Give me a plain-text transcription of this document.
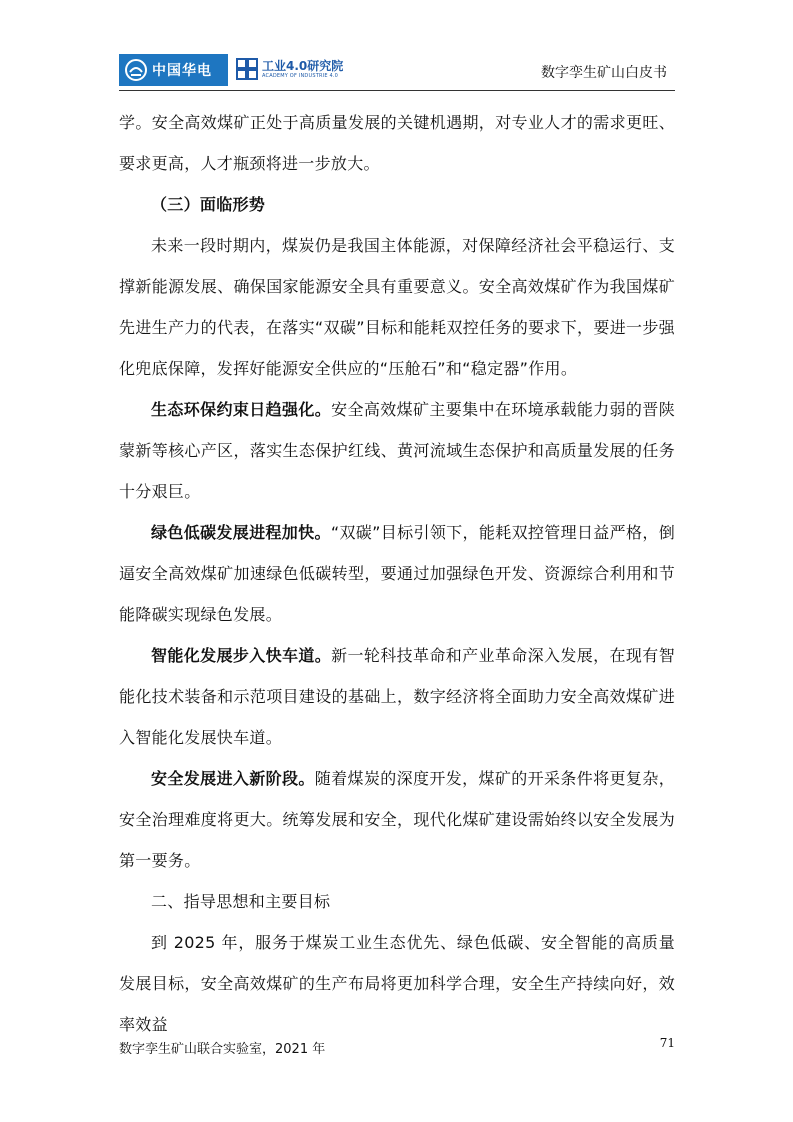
中国华电	工业4.0研究院
ACADEMY OF INDUSTRIE 4.0	数字孪生矿山白皮书

学。安全高效煤矿正处于高质量发展的关键机遇期，对专业人才的需求更旺、要求更高，人才瓶颈将进一步放大。

（三）面临形势

未来一段时期内，煤炭仍是我国主体能源，对保障经济社会平稳运行、支撑新能源发展、确保国家能源安全具有重要意义。安全高效煤矿作为我国煤矿先进生产力的代表，在落实“双碳”目标和能耗双控任务的要求下，要进一步强化兜底保障，发挥好能源安全供应的“压舱石”和“稳定器”作用。

生态环保约束日趋强化。安全高效煤矿主要集中在环境承载能力弱的晋陕蒙新等核心产区，落实生态保护红线、黄河流域生态保护和高质量发展的任务十分艰巨。

绿色低碳发展进程加快。“双碳”目标引领下，能耗双控管理日益严格，倒逼安全高效煤矿加速绿色低碳转型，要通过加强绿色开发、资源综合利用和节能降碳实现绿色发展。

智能化发展步入快车道。新一轮科技革命和产业革命深入发展，在现有智能化技术装备和示范项目建设的基础上，数字经济将全面助力安全高效煤矿进入智能化发展快车道。

安全发展进入新阶段。随着煤炭的深度开发，煤矿的开采条件将更复杂，安全治理难度将更大。统筹发展和安全，现代化煤矿建设需始终以安全发展为第一要务。

二、指导思想和主要目标

到 2025 年，服务于煤炭工业生态优先、绿色低碳、安全智能的高质量发展目标，安全高效煤矿的生产布局将更加科学合理，安全生产持续向好，效率效益

数字孪生矿山联合实验室，2021 年	71
